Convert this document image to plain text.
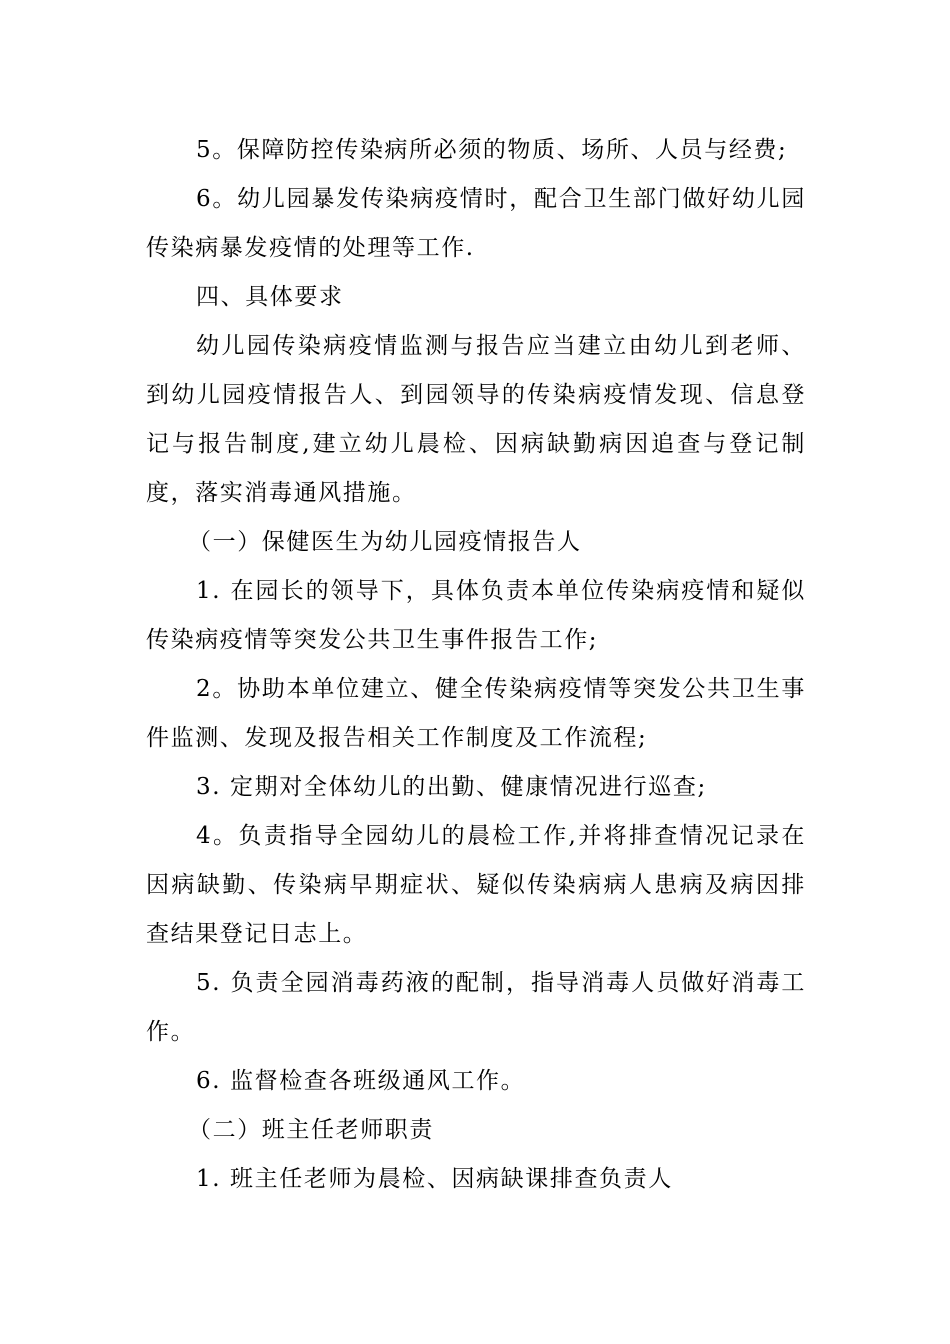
5。保障防控传染病所必须的物质、场所、人员与经费;

6。幼儿园暴发传染病疫情时，配合卫生部门做好幼儿园传染病暴发疫情的处理等工作.

四、具体要求

幼儿园传染病疫情监测与报告应当建立由幼儿到老师、到幼儿园疫情报告人、到园领导的传染病疫情发现、信息登记与报告制度,建立幼儿晨检、因病缺勤病因追查与登记制度，落实消毒通风措施。

（一）保健医生为幼儿园疫情报告人

1. 在园长的领导下，具体负责本单位传染病疫情和疑似传染病疫情等突发公共卫生事件报告工作;

2。协助本单位建立、健全传染病疫情等突发公共卫生事件监测、发现及报告相关工作制度及工作流程;

3. 定期对全体幼儿的出勤、健康情况进行巡查;

4。负责指导全园幼儿的晨检工作,并将排查情况记录在因病缺勤、传染病早期症状、疑似传染病病人患病及病因排查结果登记日志上。

5. 负责全园消毒药液的配制，指导消毒人员做好消毒工作。

6. 监督检查各班级通风工作。

（二）班主任老师职责

1. 班主任老师为晨检、因病缺课排查负责人
